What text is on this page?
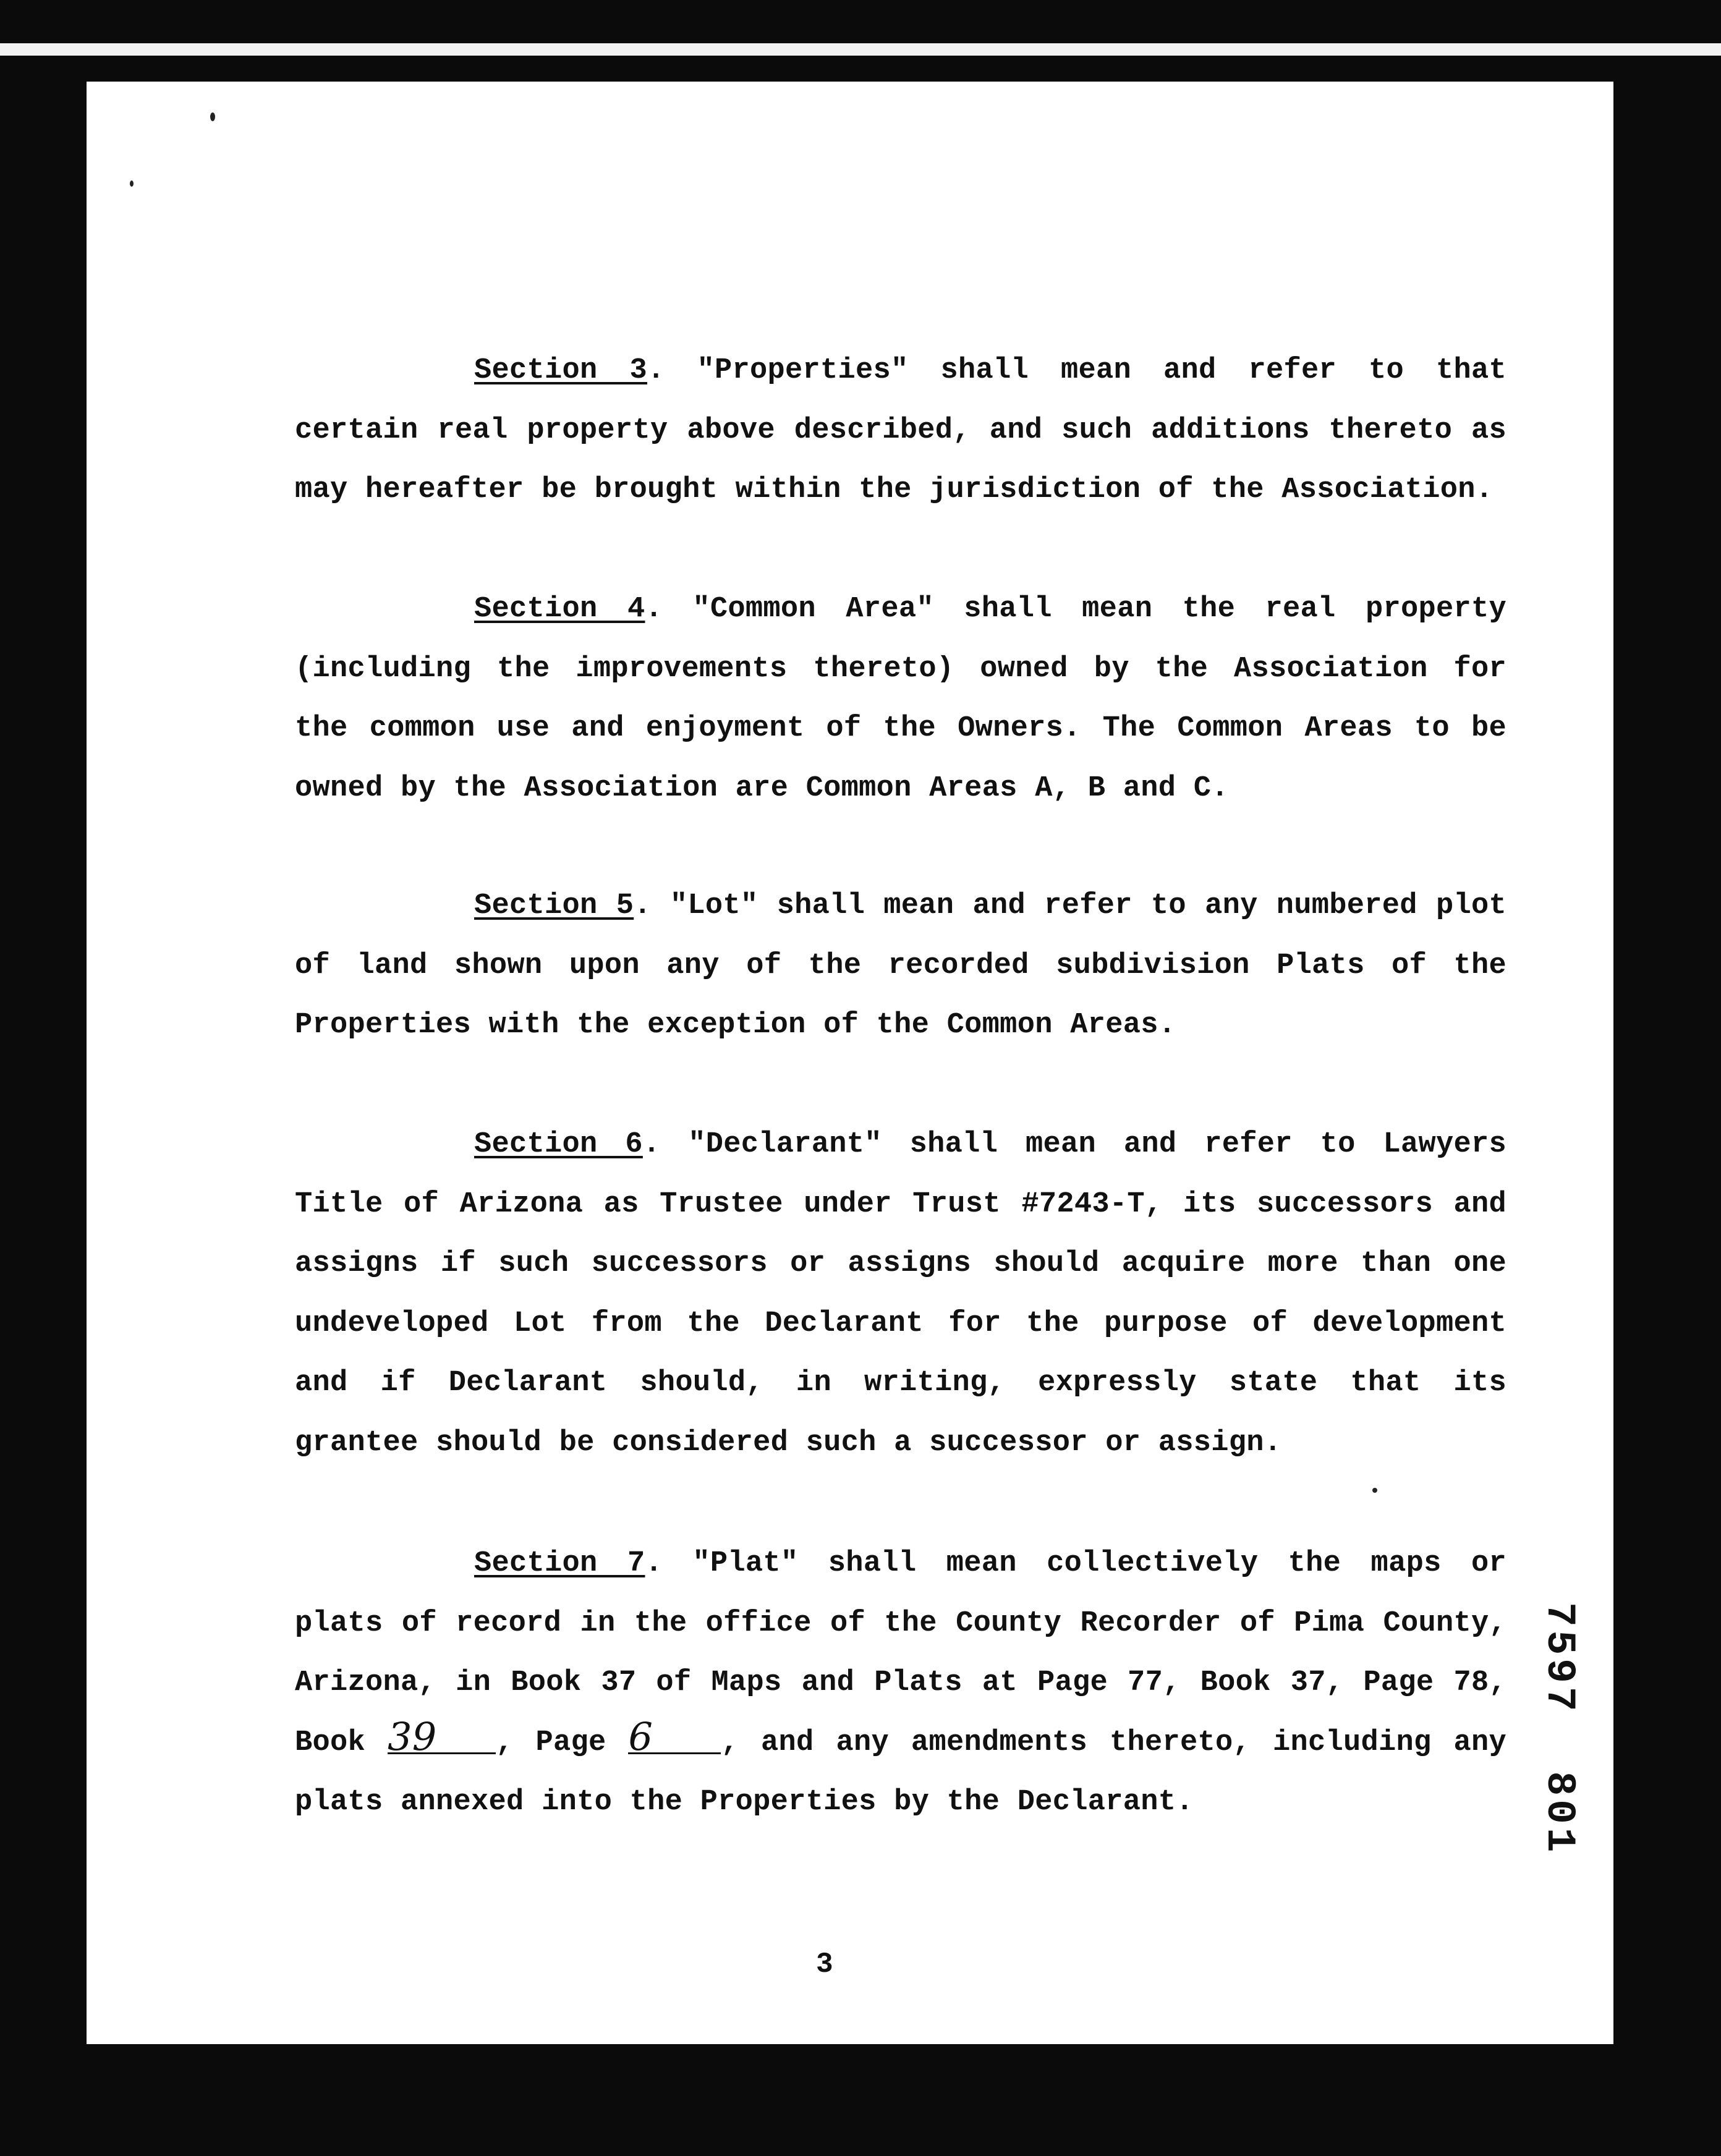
Section 3. "Properties" shall mean and refer to that certain real property above described, and such additions thereto as may hereafter be brought within the jurisdiction of the Association.

Section 4. "Common Area" shall mean the real property (including the improvements thereto) owned by the Association for the common use and enjoyment of the Owners. The Common Areas to be owned by the Association are Common Areas A, B and C.

Section 5. "Lot" shall mean and refer to any numbered plot of land shown upon any of the recorded subdivision Plats of the Properties with the exception of the Common Areas.

Section 6. "Declarant" shall mean and refer to Lawyers Title of Arizona as Trustee under Trust #7243-T, its successors and assigns if such successors or assigns should acquire more than one undeveloped Lot from the Declarant for the purpose of development and if Declarant should, in writing, expressly state that its grantee should be considered such a successor or assign.

Section 7. "Plat" shall mean collectively the maps or plats of record in the office of the County Recorder of Pima County, Arizona, in Book 37 of Maps and Plats at Page 77, Book 37, Page 78, Book 39 , Page 6 , and any amendments thereto, including any plats annexed into the Properties by the Declarant.

3
7597  801
